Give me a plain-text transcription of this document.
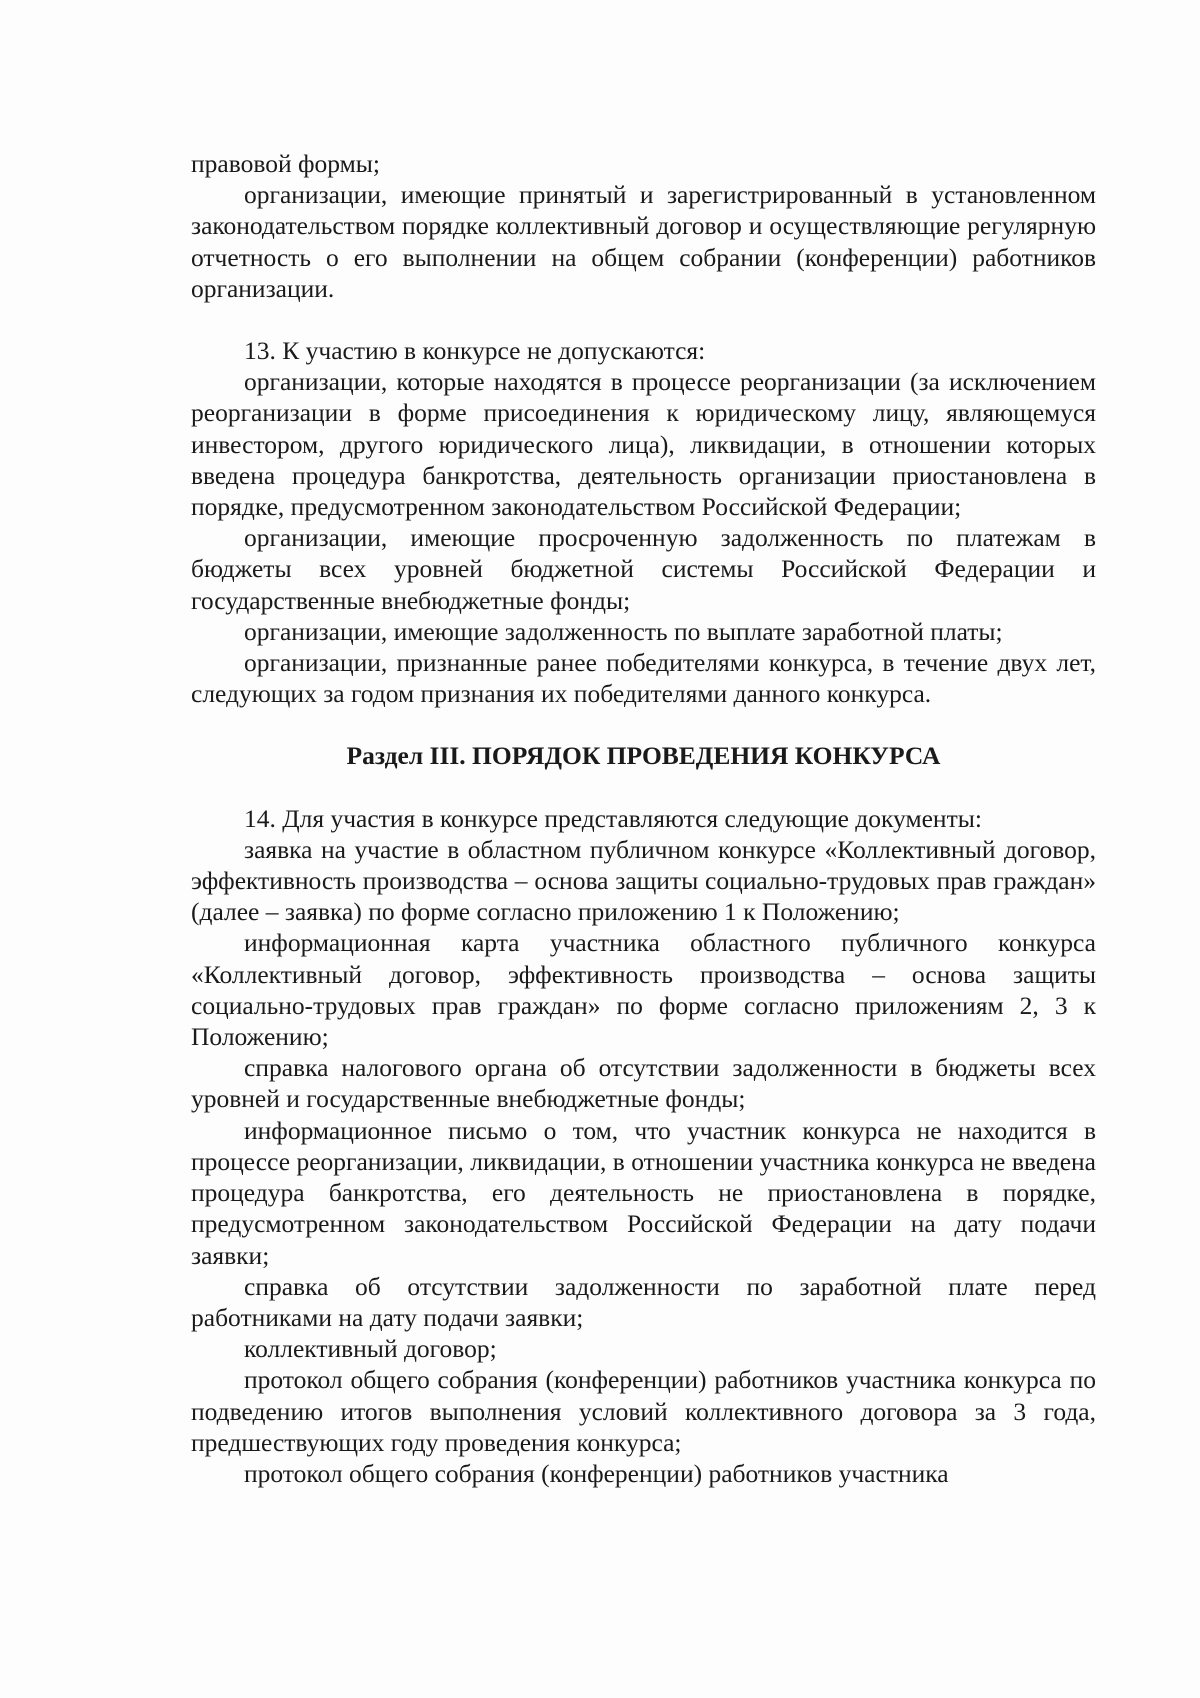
правовой формы;

организации, имеющие принятый и зарегистрированный в установленном законодательством порядке коллективный договор и осуществляющие регулярную отчетность о его выполнении на общем собрании (конференции) работников организации.

13. К участию в конкурсе не допускаются:

организации, которые находятся в процессе реорганизации (за исключением реорганизации в форме присоединения к юридическому лицу, являющемуся инвестором, другого юридического лица), ликвидации, в отношении которых введена процедура банкротства, деятельность организации приостановлена в порядке, предусмотренном законодательством Российской Федерации;

организации, имеющие просроченную задолженность по платежам в бюджеты всех уровней бюджетной системы Российской Федерации и государственные внебюджетные фонды;

организации, имеющие задолженность по выплате заработной платы;

организации, признанные ранее победителями конкурса, в течение двух лет, следующих за годом признания их победителями данного конкурса.

Раздел III. ПОРЯДОК ПРОВЕДЕНИЯ КОНКУРСА

14. Для участия в конкурсе представляются следующие документы:

заявка на участие в областном публичном конкурсе «Коллективный договор, эффективность производства – основа защиты социально-трудовых прав граждан» (далее – заявка) по форме согласно приложению 1 к Положению;

информационная карта участника областного публичного конкурса «Коллективный договор, эффективность производства – основа защиты социально-трудовых прав граждан» по форме согласно приложениям 2, 3 к Положению;

справка налогового органа об отсутствии задолженности в бюджеты всех уровней и государственные внебюджетные фонды;

информационное письмо о том, что участник конкурса не находится в процессе реорганизации, ликвидации, в отношении участника конкурса не введена процедура банкротства, его деятельность не приостановлена в порядке, предусмотренном законодательством Российской Федерации на дату подачи заявки;

справка об отсутствии задолженности по заработной плате перед работниками на дату подачи заявки;

коллективный договор;

протокол общего собрания (конференции) работников участника конкурса по подведению итогов выполнения условий коллективного договора за 3 года, предшествующих году проведения конкурса;

протокол общего собрания (конференции) работников участника
